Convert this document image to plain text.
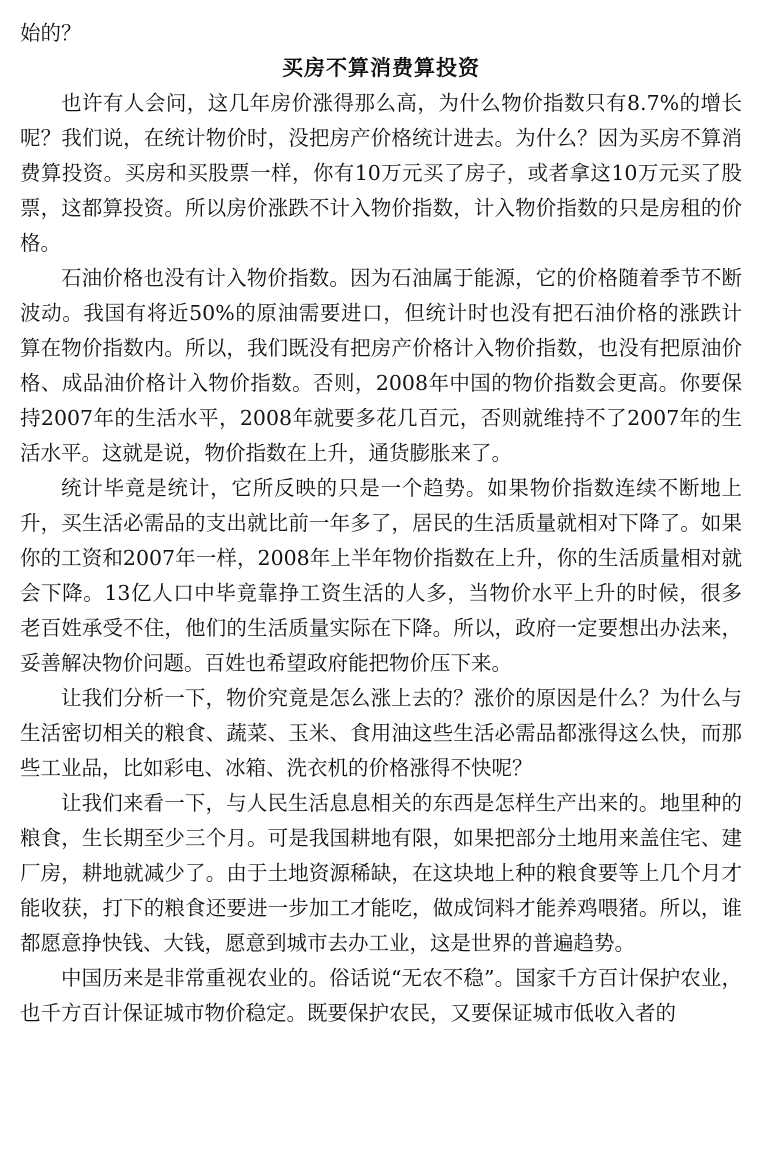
始的？

买房不算消费算投资

也许有人会问，这几年房价涨得那么高，为什么物价指数只有8.7%的增长呢？我们说，在统计物价时，没把房产价格统计进去。为什么？因为买房不算消费算投资。买房和买股票一样，你有10万元买了房子，或者拿这10万元买了股票，这都算投资。所以房价涨跌不计入物价指数，计入物价指数的只是房租的价格。

石油价格也没有计入物价指数。因为石油属于能源，它的价格随着季节不断波动。我国有将近50%的原油需要进口，但统计时也没有把石油价格的涨跌计算在物价指数内。所以，我们既没有把房产价格计入物价指数，也没有把原油价格、成品油价格计入物价指数。否则，2008年中国的物价指数会更高。你要保持2007年的生活水平，2008年就要多花几百元，否则就维持不了2007年的生活水平。这就是说，物价指数在上升，通货膨胀来了。

统计毕竟是统计，它所反映的只是一个趋势。如果物价指数连续不断地上升，买生活必需品的支出就比前一年多了，居民的生活质量就相对下降了。如果你的工资和2007年一样，2008年上半年物价指数在上升，你的生活质量相对就会下降。13亿人口中毕竟靠挣工资生活的人多，当物价水平上升的时候，很多老百姓承受不住，他们的生活质量实际在下降。所以，政府一定要想出办法来，妥善解决物价问题。百姓也希望政府能把物价压下来。

让我们分析一下，物价究竟是怎么涨上去的？涨价的原因是什么？为什么与生活密切相关的粮食、蔬菜、玉米、食用油这些生活必需品都涨得这么快，而那些工业品，比如彩电、冰箱、洗衣机的价格涨得不快呢？

让我们来看一下，与人民生活息息相关的东西是怎样生产出来的。地里种的粮食，生长期至少三个月。可是我国耕地有限，如果把部分土地用来盖住宅、建厂房，耕地就减少了。由于土地资源稀缺，在这块地上种的粮食要等上几个月才能收获，打下的粮食还要进一步加工才能吃，做成饲料才能养鸡喂猪。所以，谁都愿意挣快钱、大钱，愿意到城市去办工业，这是世界的普遍趋势。

中国历来是非常重视农业的。俗话说“无农不稳”。国家千方百计保护农业，也千方百计保证城市物价稳定。既要保护农民，又要保证城市低收入者的
